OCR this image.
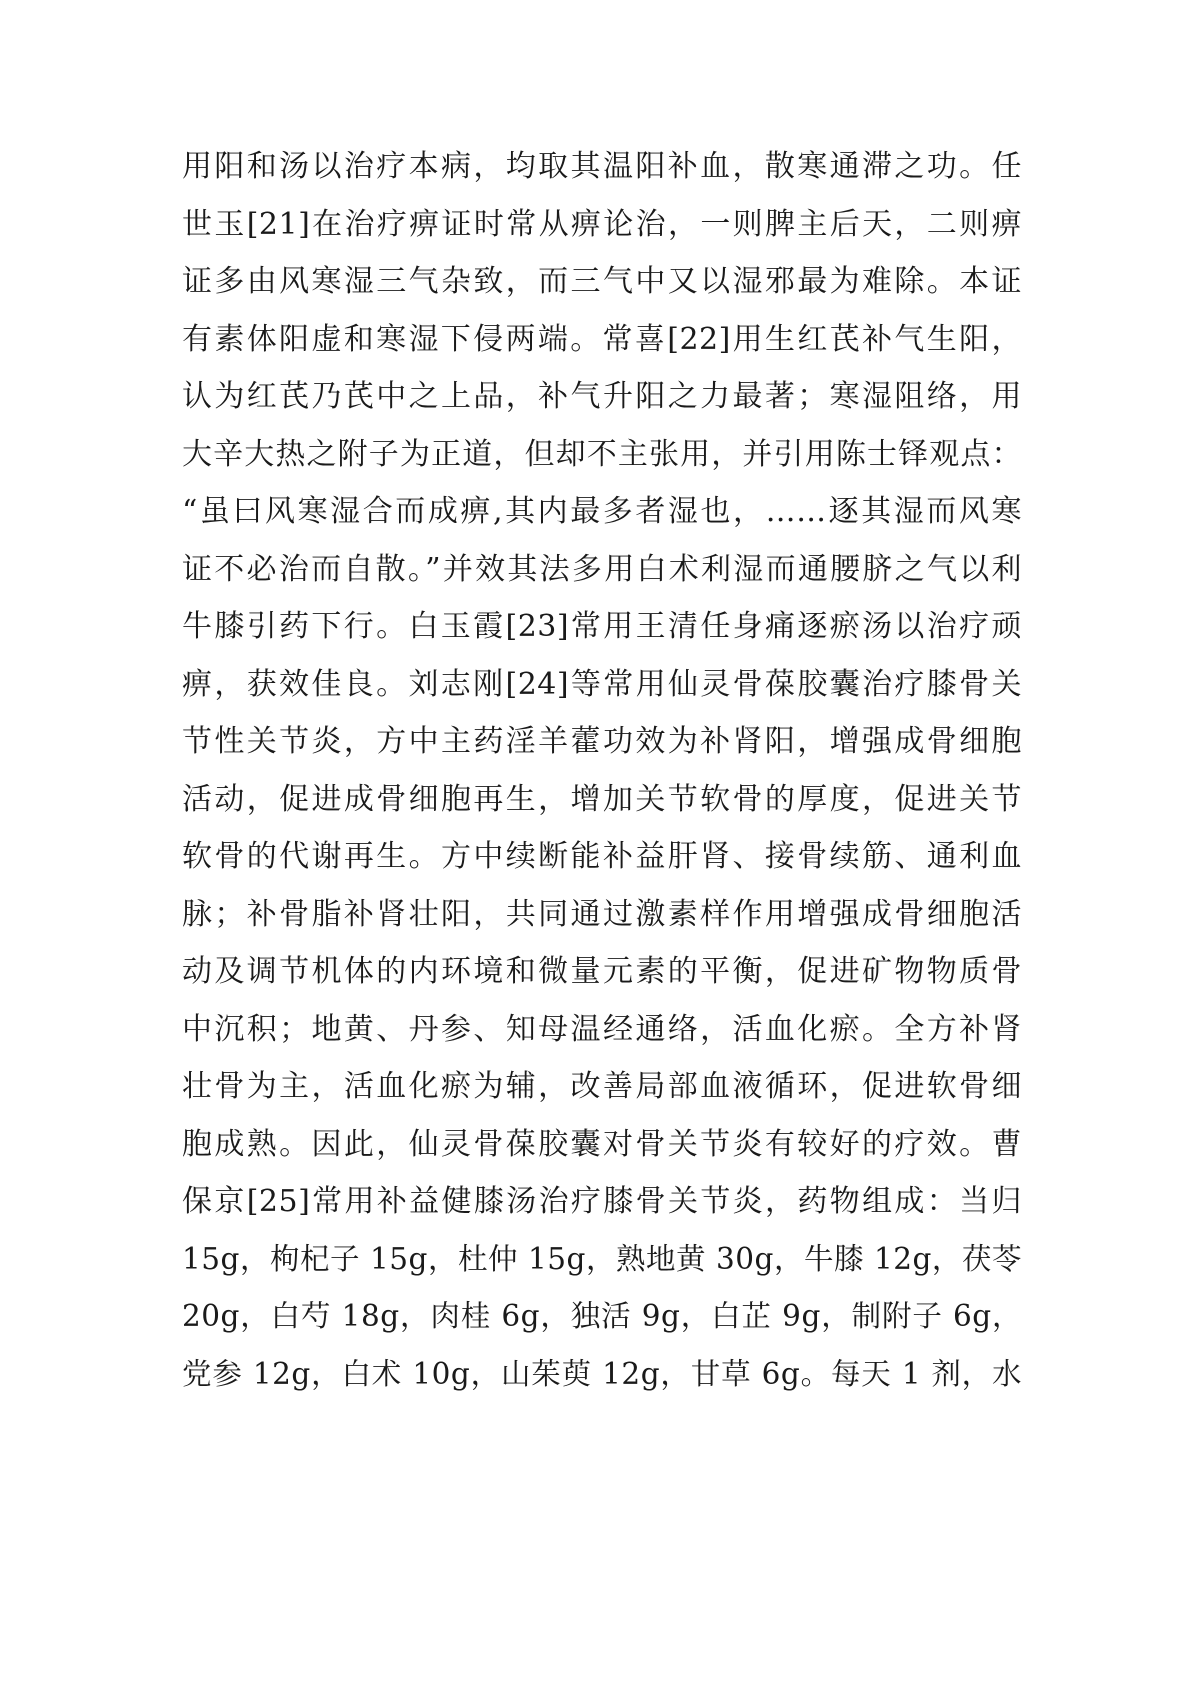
用阳和汤以治疗本病，均取其温阳补血，散寒通滞之功。任
世玉[21]在治疗痹证时常从痹论治，一则脾主后天，二则痹
证多由风寒湿三气杂致，而三气中又以湿邪最为难除。本证
有素体阳虚和寒湿下侵两端。常喜[22]用生红芪补气生阳，
认为红芪乃芪中之上品，补气升阳之力最著；寒湿阻络，用
大辛大热之附子为正道，但却不主张用，并引用陈士铎观点：
“虽曰风寒湿合而成痹,其内最多者湿也，……逐其湿而风寒
证不必治而自散。”并效其法多用白术利湿而通腰脐之气以利
牛膝引药下行。白玉霞[23]常用王清任身痛逐瘀汤以治疗顽
痹，获效佳良。刘志刚[24]等常用仙灵骨葆胶囊治疗膝骨关
节性关节炎，方中主药淫羊藿功效为补肾阳，增强成骨细胞
活动，促进成骨细胞再生，增加关节软骨的厚度，促进关节
软骨的代谢再生。方中续断能补益肝肾、接骨续筋、通利血
脉；补骨脂补肾壮阳，共同通过激素样作用增强成骨细胞活
动及调节机体的内环境和微量元素的平衡，促进矿物物质骨
中沉积；地黄、丹参、知母温经通络，活血化瘀。全方补肾
壮骨为主，活血化瘀为辅，改善局部血液循环，促进软骨细
胞成熟。因此，仙灵骨葆胶囊对骨关节炎有较好的疗效。曹
保京[25]常用补益健膝汤治疗膝骨关节炎，药物组成：当归
15g，枸杞子 15g，杜仲 15g，熟地黄 30g，牛膝 12g，茯苓
20g，白芍 18g，肉桂 6g，独活 9g，白芷 9g，制附子 6g，
党参 12g，白术 10g，山茱萸 12g，甘草 6g。每天 1 剂，水
